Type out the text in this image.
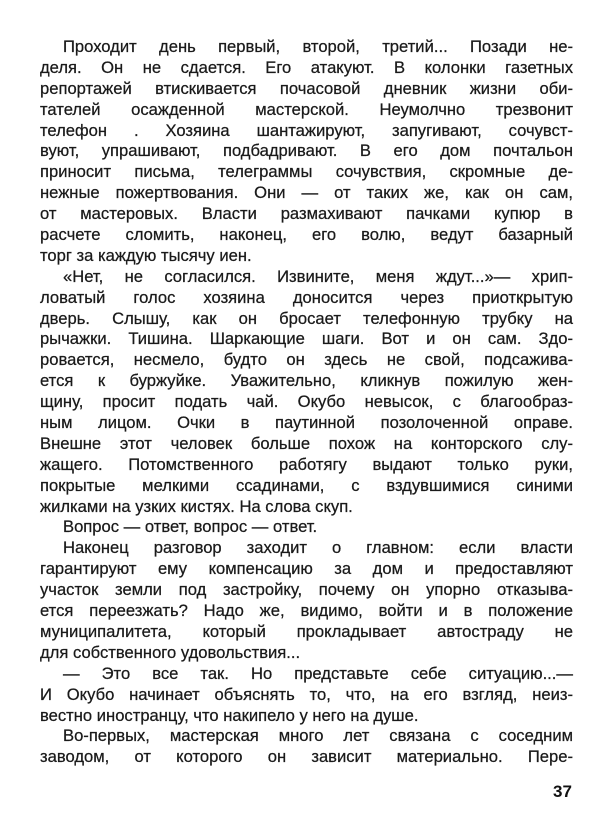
Проходит день первый, второй, третий... Позади не-
деля. Он не сдается. Его атакуют. В колонки газетных
репортажей втискивается почасовой дневник жизни оби-
тателей осажденной мастерской. Неумолчно трезвонит
телефон . Хозяина шантажируют, запугивают, сочувст-
вуют, упрашивают, подбадривают. В его дом почтальон
приносит письма, телеграммы сочувствия, скромные де-
нежные пожертвования. Они — от таких же, как он сам,
от мастеровых. Власти размахивают пачками купюр в
расчете сломить, наконец, его волю, ведут базарный
торг за каждую тысячу иен.
«Нет, не согласился. Извините, меня ждут...»— хрип-
ловатый голос хозяина доносится через приоткрытую
дверь. Слышу, как он бросает телефонную трубку на
рычажки. Тишина. Шаркающие шаги. Вот и он сам. Здо-
ровается, несмело, будто он здесь не свой, подсажива-
ется к буржуйке. Уважительно, кликнув пожилую жен-
щину, просит подать чай. Окубо невысок, с благообраз-
ным лицом. Очки в паутинной позолоченной оправе.
Внешне этот человек больше похож на конторского слу-
жащего. Потомственного работягу выдают только руки,
покрытые мелкими ссадинами, с вздувшимися синими
жилками на узких кистях. На слова скуп.
Вопрос — ответ, вопрос — ответ.
Наконец разговор заходит о главном: если власти
гарантируют ему компенсацию за дом и предоставляют
участок земли под застройку, почему он упорно отказыва-
ется переезжать? Надо же, видимо, войти и в положение
муниципалитета, который прокладывает автостраду не
для собственного удовольствия...
— Это все так. Но представьте себе ситуацию...—
И Окубо начинает объяснять то, что, на его взгляд, неиз-
вестно иностранцу, что накипело у него на душе.
Во-первых, мастерская много лет связана с соседним
заводом, от которого он зависит материально. Пере-
37
